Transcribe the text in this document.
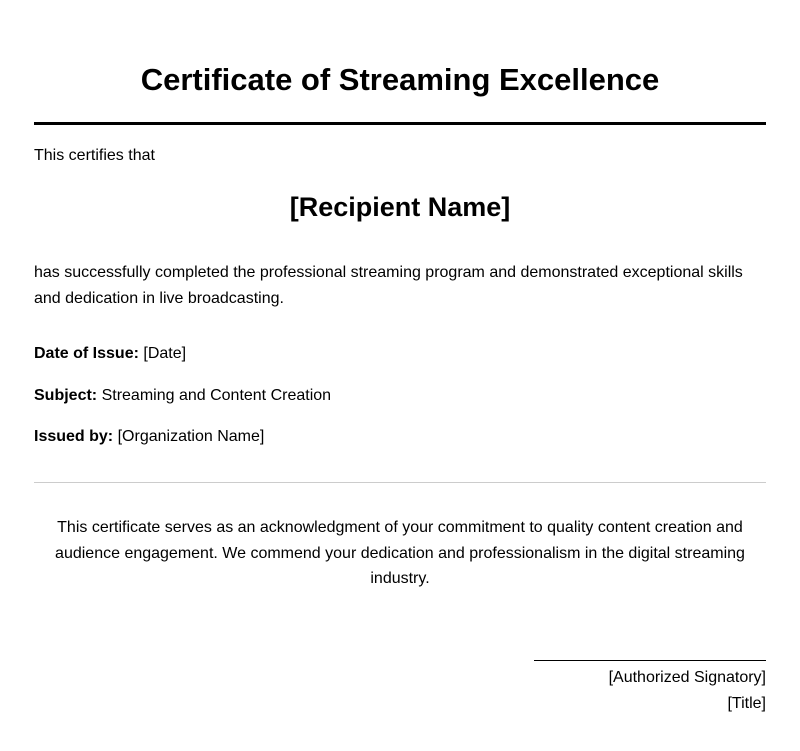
Certificate of Streaming Excellence
This certifies that
[Recipient Name]
has successfully completed the professional streaming program and demonstrated exceptional skills and dedication in live broadcasting.
Date of Issue: [Date]
Subject: Streaming and Content Creation
Issued by: [Organization Name]
This certificate serves as an acknowledgment of your commitment to quality content creation and audience engagement. We commend your dedication and professionalism in the digital streaming industry.
[Authorized Signatory]
[Title]
